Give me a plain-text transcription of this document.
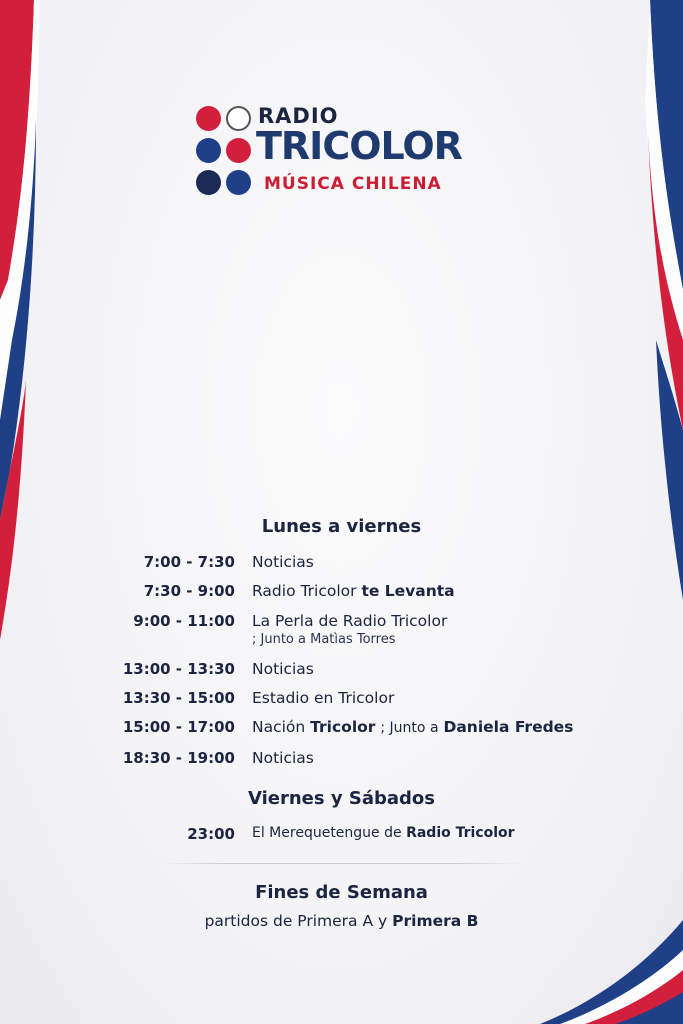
RADIO
TRICOLOR
MÚSICA CHILENA
Lunes a viernes
7:00 - 7:30 Noticias
7:30 - 9:00 Radio Tricolor te Levanta
9:00 - 11:00 La Perla de Radio Tricolor
; Junto a Matìas Torres
13:00 - 13:30 Noticias
13:30 - 15:00 Estadio en Tricolor
15:00 - 17:00 Nación Tricolor ; Junto a Daniela Fredes
18:30 - 19:00 Noticias
Viernes y Sábados
23:00 El Merequetengue de Radio Tricolor
Fines de Semana
partidos de Primera A y Primera B
